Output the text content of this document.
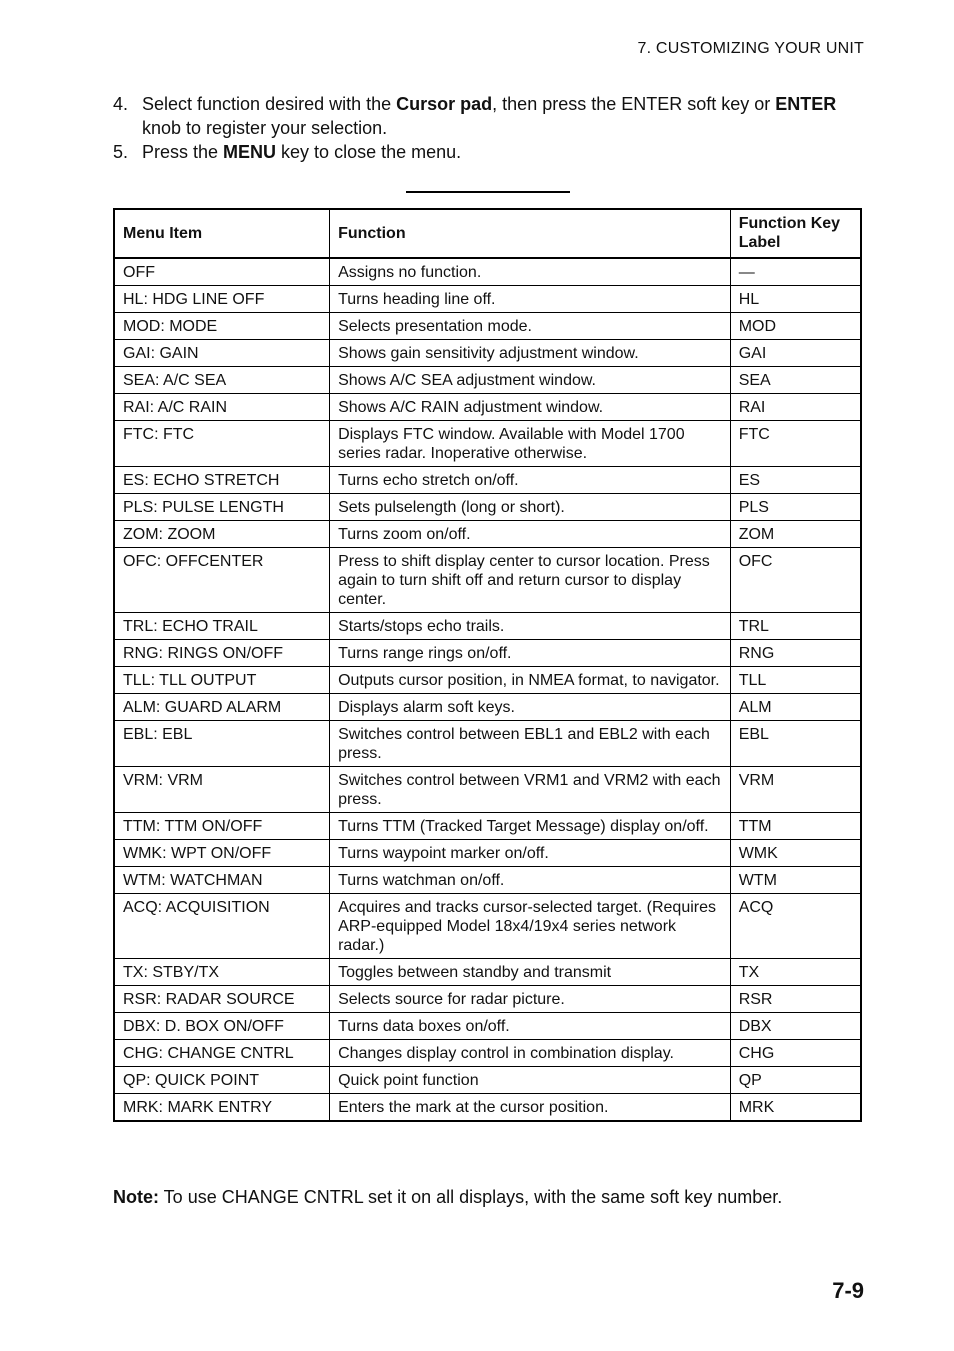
7. CUSTOMIZING YOUR UNIT
4. Select function desired with the Cursor pad, then press the ENTER soft key or ENTER knob to register your selection.
5. Press the MENU key to close the menu.
Menu Item	Function	Function Key Label
OFF	Assigns no function.	—
HL: HDG LINE OFF	Turns heading line off.	HL
MOD: MODE	Selects presentation mode.	MOD
GAI: GAIN	Shows gain sensitivity adjustment window.	GAI
SEA: A/C SEA	Shows A/C SEA adjustment window.	SEA
RAI: A/C RAIN	Shows A/C RAIN adjustment window.	RAI
FTC: FTC	Displays FTC window. Available with Model 1700 series radar. Inoperative otherwise.	FTC
ES: ECHO STRETCH	Turns echo stretch on/off.	ES
PLS: PULSE LENGTH	Sets pulselength (long or short).	PLS
ZOM: ZOOM	Turns zoom on/off.	ZOM
OFC: OFFCENTER	Press to shift display center to cursor location. Press again to turn shift off and return cursor to display center.	OFC
TRL: ECHO TRAIL	Starts/stops echo trails.	TRL
RNG: RINGS ON/OFF	Turns range rings on/off.	RNG
TLL: TLL OUTPUT	Outputs cursor position, in NMEA format, to navigator.	TLL
ALM: GUARD ALARM	Displays alarm soft keys.	ALM
EBL: EBL	Switches control between EBL1 and EBL2 with each press.	EBL
VRM: VRM	Switches control between VRM1 and VRM2 with each press.	VRM
TTM: TTM ON/OFF	Turns TTM (Tracked Target Message) display on/off.	TTM
WMK: WPT ON/OFF	Turns waypoint marker on/off.	WMK
WTM: WATCHMAN	Turns watchman on/off.	WTM
ACQ: ACQUISITION	Acquires and tracks cursor-selected target. (Requires ARP-equipped Model 18x4/19x4 series network radar.)	ACQ
TX: STBY/TX	Toggles between standby and transmit	TX
RSR: RADAR SOURCE	Selects source for radar picture.	RSR
DBX: D. BOX ON/OFF	Turns data boxes on/off.	DBX
CHG: CHANGE CNTRL	Changes display control in combination display.	CHG
QP: QUICK POINT	Quick point function	QP
MRK: MARK ENTRY	Enters the mark at the cursor position.	MRK
Note: To use CHANGE CNTRL set it on all displays, with the same soft key number.
7-9
